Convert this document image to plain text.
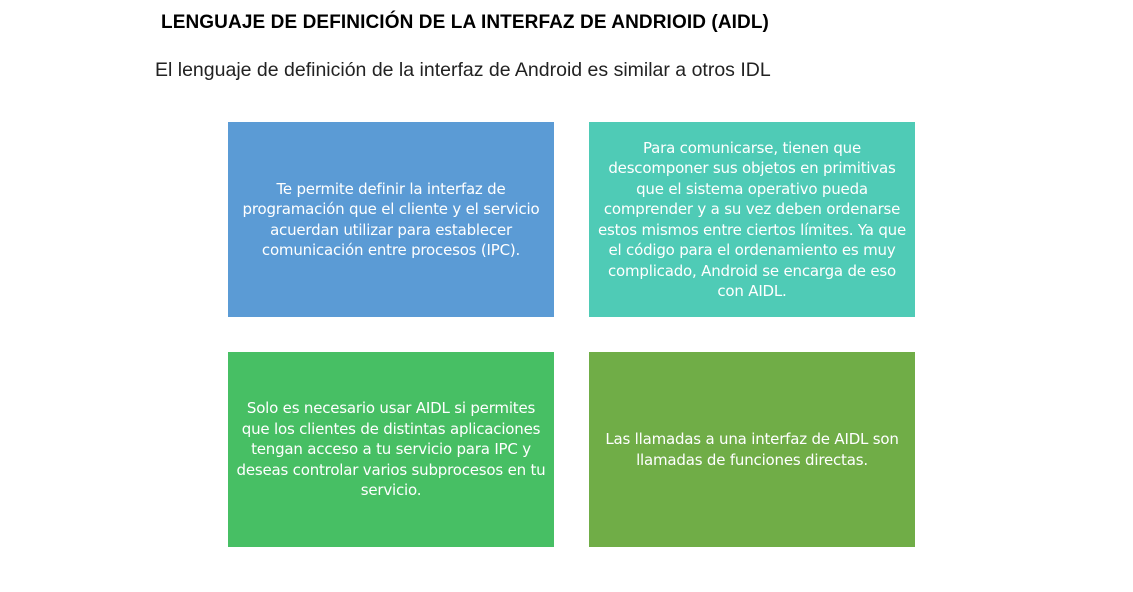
LENGUAJE DE DEFINICIÓN DE LA INTERFAZ DE ANDRIOID (AIDL)
El lenguaje de definición de la interfaz de Android es similar a otros IDL
Te permite definir la interfaz de programación que el cliente y el servicio acuerdan utilizar para establecer comunicación entre procesos (IPC).
Para comunicarse, tienen que descomponer sus objetos en primitivas que el sistema operativo pueda comprender y a su vez deben ordenarse estos mismos entre ciertos límites. Ya que el código para el ordenamiento es muy complicado, Android se encarga de eso con AIDL.
Solo es necesario usar AIDL si permites que los clientes de distintas aplicaciones tengan acceso a tu servicio para IPC y deseas controlar varios subprocesos en tu servicio.
Las llamadas a una interfaz de AIDL son llamadas de funciones directas.
